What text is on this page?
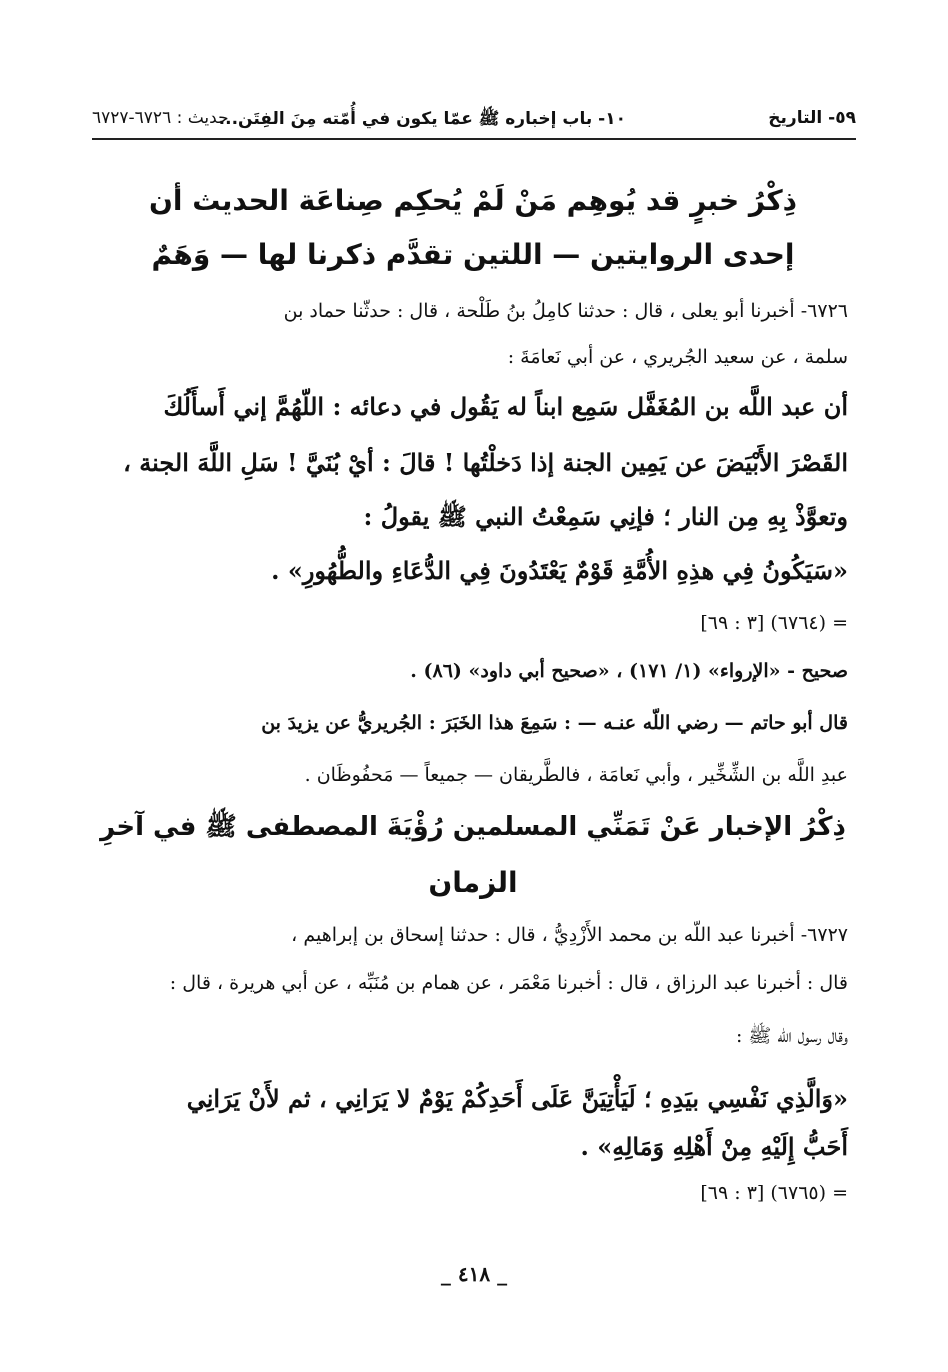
٥٩- التاريخ
١٠- باب إخباره ﷺ عمّا يكون في أُمّته مِنَ الفِتَن...
حديث : ٦٧٢٦-٦٧٢٧
ذِكْرُ خبرٍ قد يُوهِم مَنْ لَمْ يُحكِم صِناعَة الحديث أن
إحدى الروايتين — اللتين تقدَّم ذكرنا لها — وَهَمٌ
٦٧٢٦- أخبرنا أبو يعلى ، قال : حدثنا كامِلُ بنُ طَلْحة ، قال : حدثّنا حماد بن
سلمة ، عن سعيد الجُريري ، عن أبي نَعامَةَ :
أن عبد اللَّه بن المُغَفَّل سَمِع ابناً له يَقُول في دعائه : اللّهُمَّ إني أَسأَلُكَ
القَصْرَ الأَبْيَضَ عن يَمِين الجنة إذا دَخلْتُها ! قالَ : أيْ بُنَيَّ ! سَلِ اللَّهَ الجنة ،
وتعوَّذْ بِهِ مِن النار ؛ فإنِي سَمِعْتُ النبي ﷺ يقولُ :
«سَيَكُونُ فِي هذِهِ الأُمَّةِ قَوْمٌ يَعْتَدُونَ فِي الدُّعَاءِ والطُّهُورِ» .
= (٦٧٦٤) [٣ : ٦٩]
صحيح - «الإرواء» (١/ ١٧١) ، «صحيح أبي داود» (٨٦) .
قال أبو حاتم — رضي اللّه عنـه — : سَمِعَ هذا الخَبَرَ : الجُريريُّ عن يزيدَ بن
عبدِ اللَّه بن الشِّخِّير ، وأبي نَعامَة ، فالطَّريقان — جميعاً — مَحفُوظَان .
ذِكْرُ الإخبار عَنْ تَمَنِّي المسلمين رُؤْيَةَ المصطفى ﷺ في آخرِ
الزمان
٦٧٢٧- أخبرنا عبد اللّه بن محمد الأَزْدِيُّ ، قال : حدثنا إسحاق بن إبراهيم ،
قال : أخبرنا عبد الرزاق ، قال : أخبرنا مَعْمَر ، عن همام بن مُنَبِّه ، عن أبي هريرة ، قال :
وقال رسول اللّه ﷺ :
«وَالَّذِي نَفْسِي بيَدِهِ ؛ لَيَأْتِيَنَّ عَلَى أَحَدِكُمْ يَوْمٌ لا يَرَانِي ، ثم لأَنْ يَرَانِي
أَحَبُّ إِلَيْهِ مِنْ أَهْلِهِ وَمَالِهِ» .
= (٦٧٦٥) [٣ : ٦٩]
_ ٤١٨ _
